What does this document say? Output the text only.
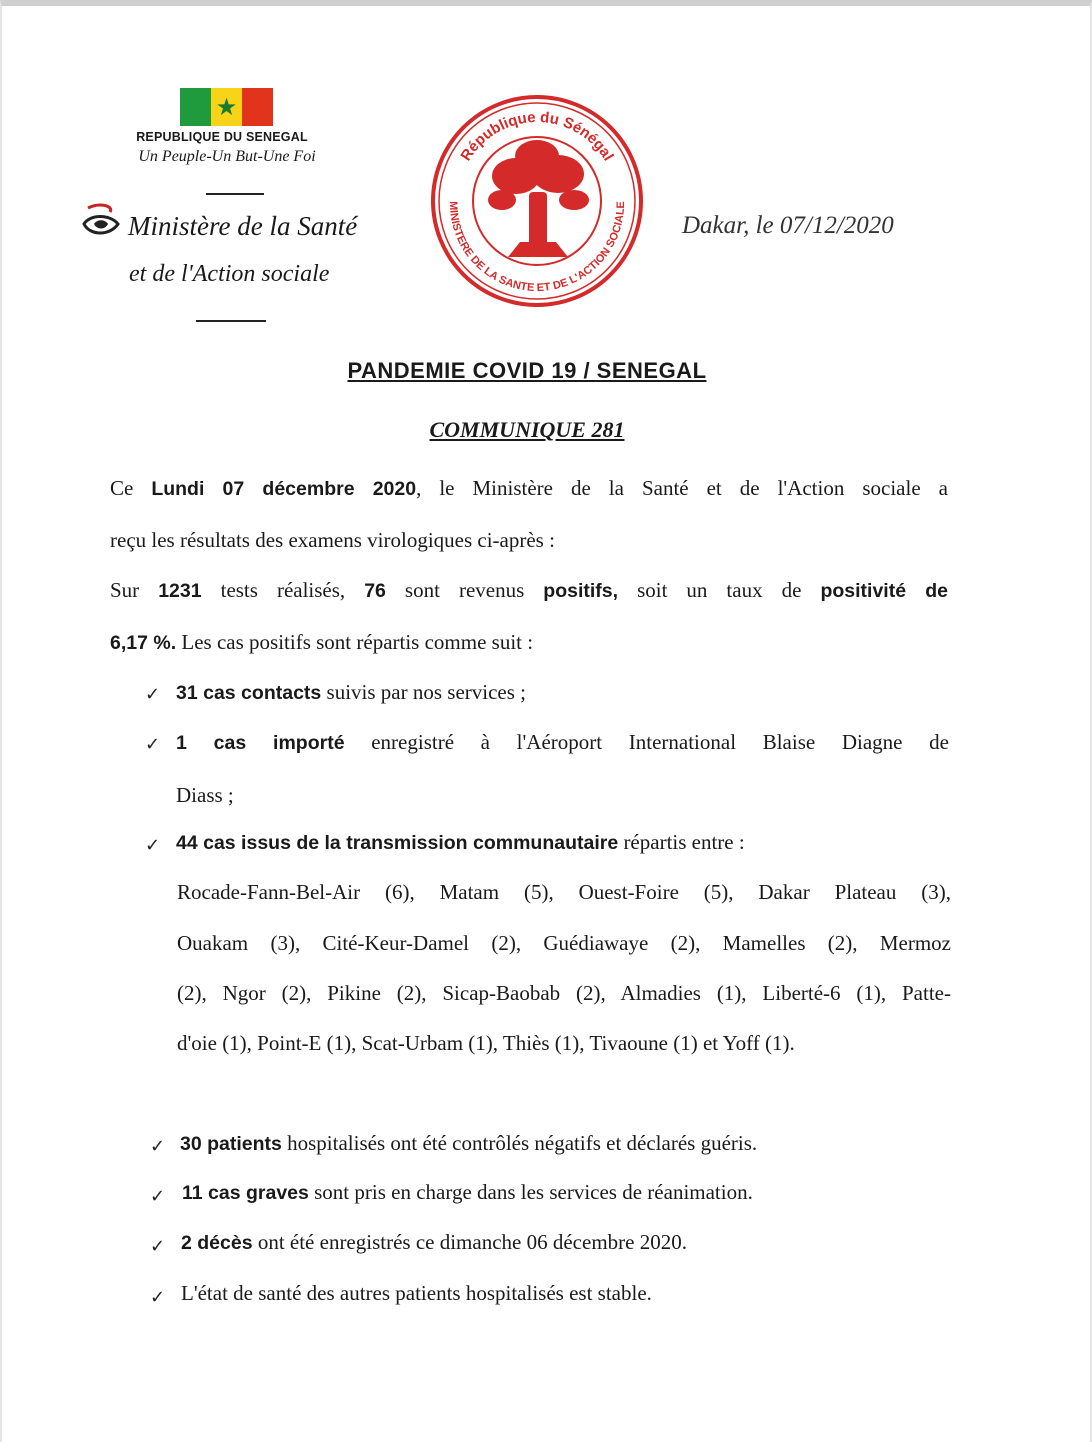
★
REPUBLIQUE DU SENEGAL
Un Peuple-Un But-Une Foi
Ministère de la Santé
et de l'Action sociale
République du Sénégal
MINISTERE DE LA SANTE ET DE L'ACTION SOCIALE
Dakar, le 07/12/2020
PANDEMIE COVID 19 / SENEGAL
COMMUNIQUE 281
Ce Lundi 07 décembre 2020, le Ministère de la Santé et de l'Action sociale a
reçu les résultats des examens virologiques ci-après :
Sur 1231 tests réalisés, 76 sont revenus positifs, soit un taux de positivité de
6,17 %. Les cas positifs sont répartis comme suit :
✓ 31 cas contacts suivis par nos services ;
✓ 1 cas importé enregistré à l'Aéroport International Blaise Diagne de
Diass ;
✓ 44 cas issus de la transmission communautaire répartis entre :
Rocade-Fann-Bel-Air (6), Matam (5), Ouest-Foire (5), Dakar Plateau (3),
Ouakam (3), Cité-Keur-Damel (2), Guédiawaye (2), Mamelles (2), Mermoz
(2), Ngor (2), Pikine (2), Sicap-Baobab (2), Almadies (1), Liberté-6 (1), Patte-
d'oie (1), Point-E (1), Scat-Urbam (1), Thiès (1), Tivaoune (1) et Yoff (1).
✓ 30 patients hospitalisés ont été contrôlés négatifs et déclarés guéris.
✓ 11 cas graves sont pris en charge dans les services de réanimation.
✓ 2 décès ont été enregistrés ce dimanche 06 décembre 2020.
✓ L'état de santé des autres patients hospitalisés est stable.
